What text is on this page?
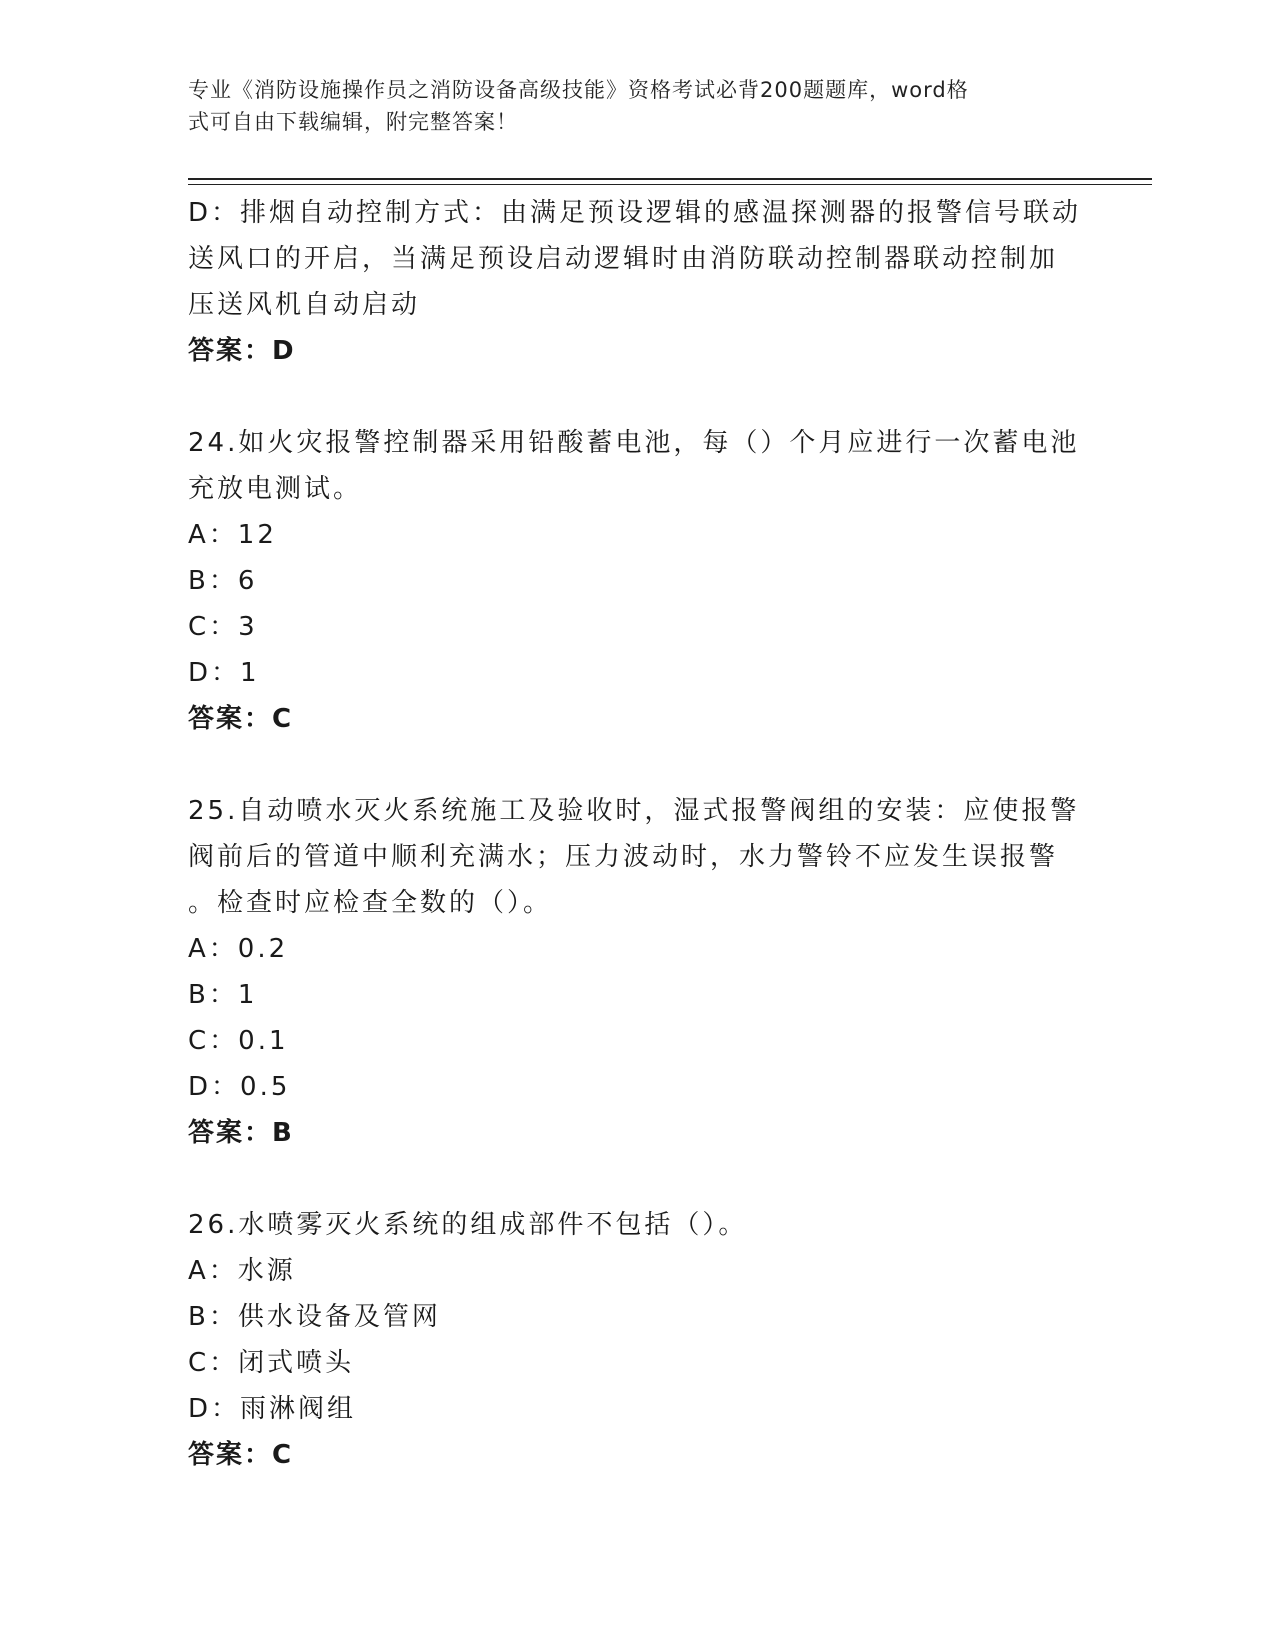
专业《消防设施操作员之消防设备高级技能》资格考试必背200题题库，word格
式可自由下载编辑，附完整答案！
D：排烟自动控制方式：由满足预设逻辑的感温探测器的报警信号联动
送风口的开启，当满足预设启动逻辑时由消防联动控制器联动控制加
压送风机自动启动
答案：D
24.如火灾报警控制器采用铅酸蓄电池，每（）个月应进行一次蓄电池
充放电测试。
A：12
B：6
C：3
D：1
答案：C
25.自动喷水灭火系统施工及验收时，湿式报警阀组的安装：应使报警
阀前后的管道中顺利充满水；压力波动时，水力警铃不应发生误报警
。检查时应检查全数的（）。
A：0.2
B：1
C：0.1
D：0.5
答案：B
26.水喷雾灭火系统的组成部件不包括（）。
A：水源
B：供水设备及管网
C：闭式喷头
D：雨淋阀组
答案：C
